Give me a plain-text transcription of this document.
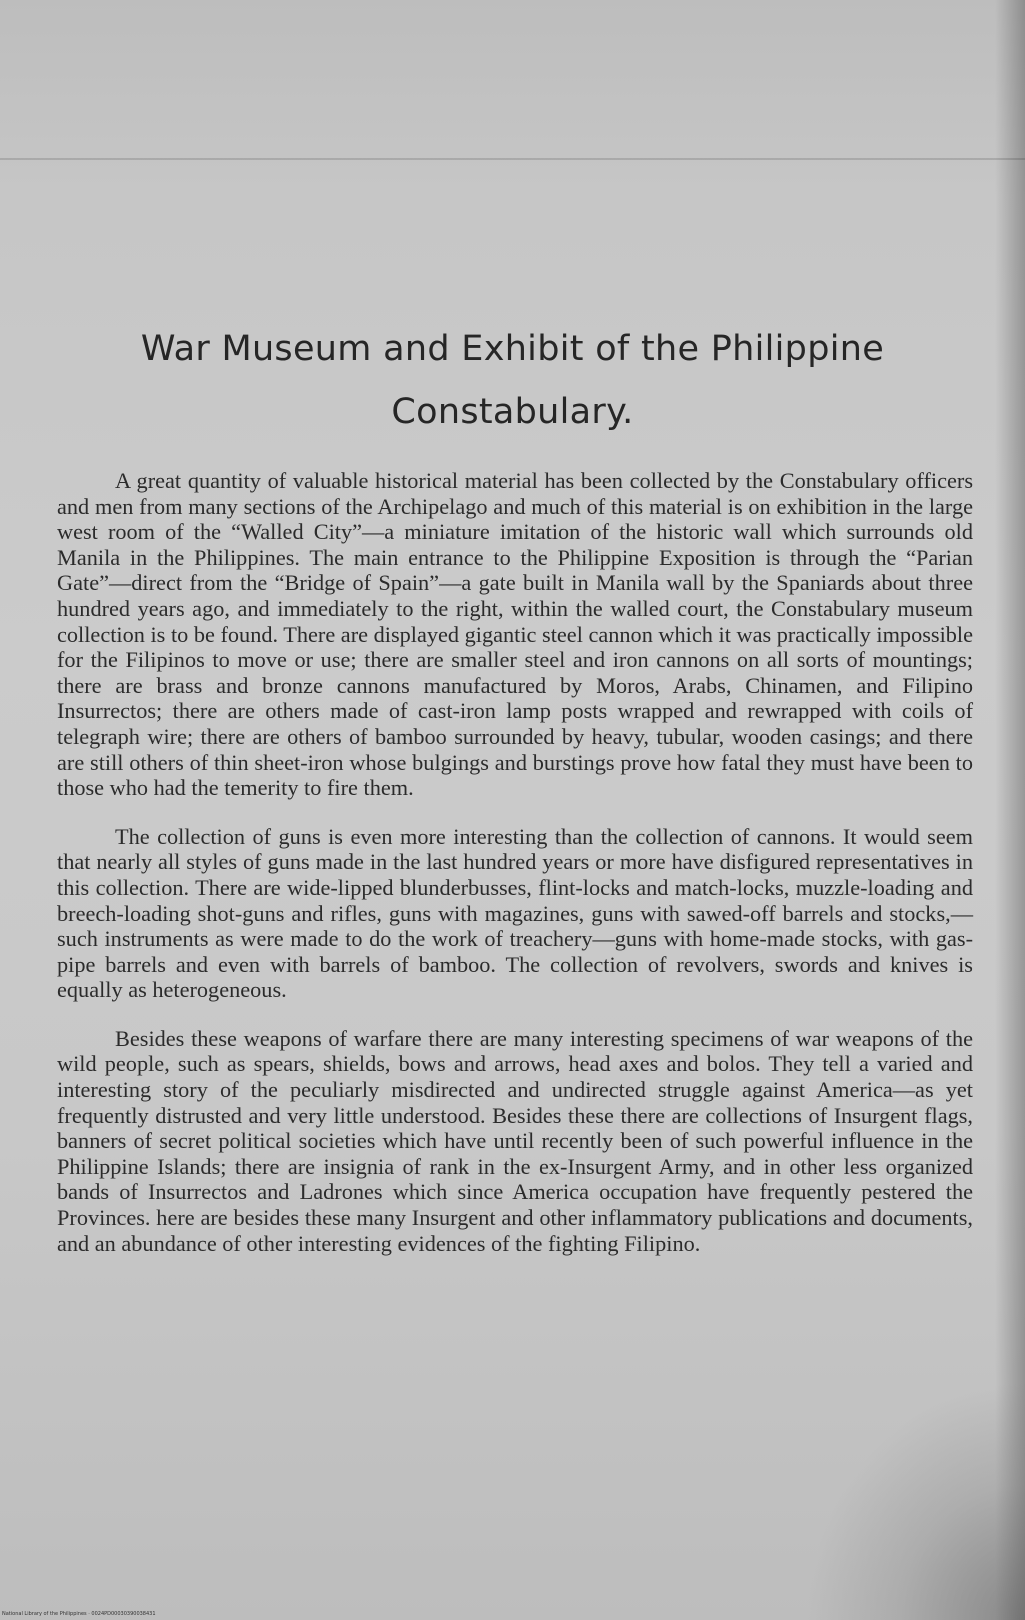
War Museum and Exhibit of the Philippine
Constabulary.

A great quantity of valuable historical material has been collected by the Constabulary officers and men from many sections of the Archipelago and much of this material is on exhibition in the large west room of the “Walled City”—a miniature imitation of the historic wall which surrounds old Manila in the Philippines. The main entrance to the Philippine Exposition is through the “Parian Gate”—direct from the “Bridge of Spain”—a gate built in Manila wall by the Spaniards about three hundred years ago, and immediately to the right, within the walled court, the Constabulary museum collection is to be found. There are displayed gigantic steel cannon which it was practically impossible for the Filipinos to move or use; there are smaller steel and iron cannons on all sorts of mountings; there are brass and bronze cannons manufactured by Moros, Arabs, Chinamen, and Filipino Insurrectos; there are others made of cast-iron lamp posts wrapped and rewrapped with coils of telegraph wire; there are others of bamboo surrounded by heavy, tubular, wooden casings; and there are still others of thin sheet-iron whose bulgings and burstings prove how fatal they must have been to those who had the temerity to fire them.

The collection of guns is even more interesting than the collection of cannons. It would seem that nearly all styles of guns made in the last hundred years or more have disfigured representatives in this collection. There are wide-lipped blunderbusses, flint-locks and match-locks, muzzle-loading and breech-loading shot-guns and rifles, guns with magazines, guns with sawed-off barrels and stocks,—such instruments as were made to do the work of treachery—guns with home-made stocks, with gas-pipe barrels and even with barrels of bamboo. The collection of revolvers, swords and knives is equally as heterogeneous.

Besides these weapons of warfare there are many interesting specimens of war weapons of the wild people, such as spears, shields, bows and arrows, head axes and bolos. They tell a varied and interesting story of the peculiarly misdirected and undirected struggle against America—as yet frequently distrusted and very little understood. Besides these there are collections of Insurgent flags, banners of secret political societies which have until recently been of such powerful influence in the Philippine Islands; there are insignia of rank in the ex-Insurgent Army, and in other less organized bands of Insurrectos and Ladrones which since America occupation have frequently pestered the Provinces. here are besides these many Insurgent and other inflammatory publications and documents, and an abundance of other interesting evidences of the fighting Filipino.

National Library of the Philippines · 0024PD00030390038431
